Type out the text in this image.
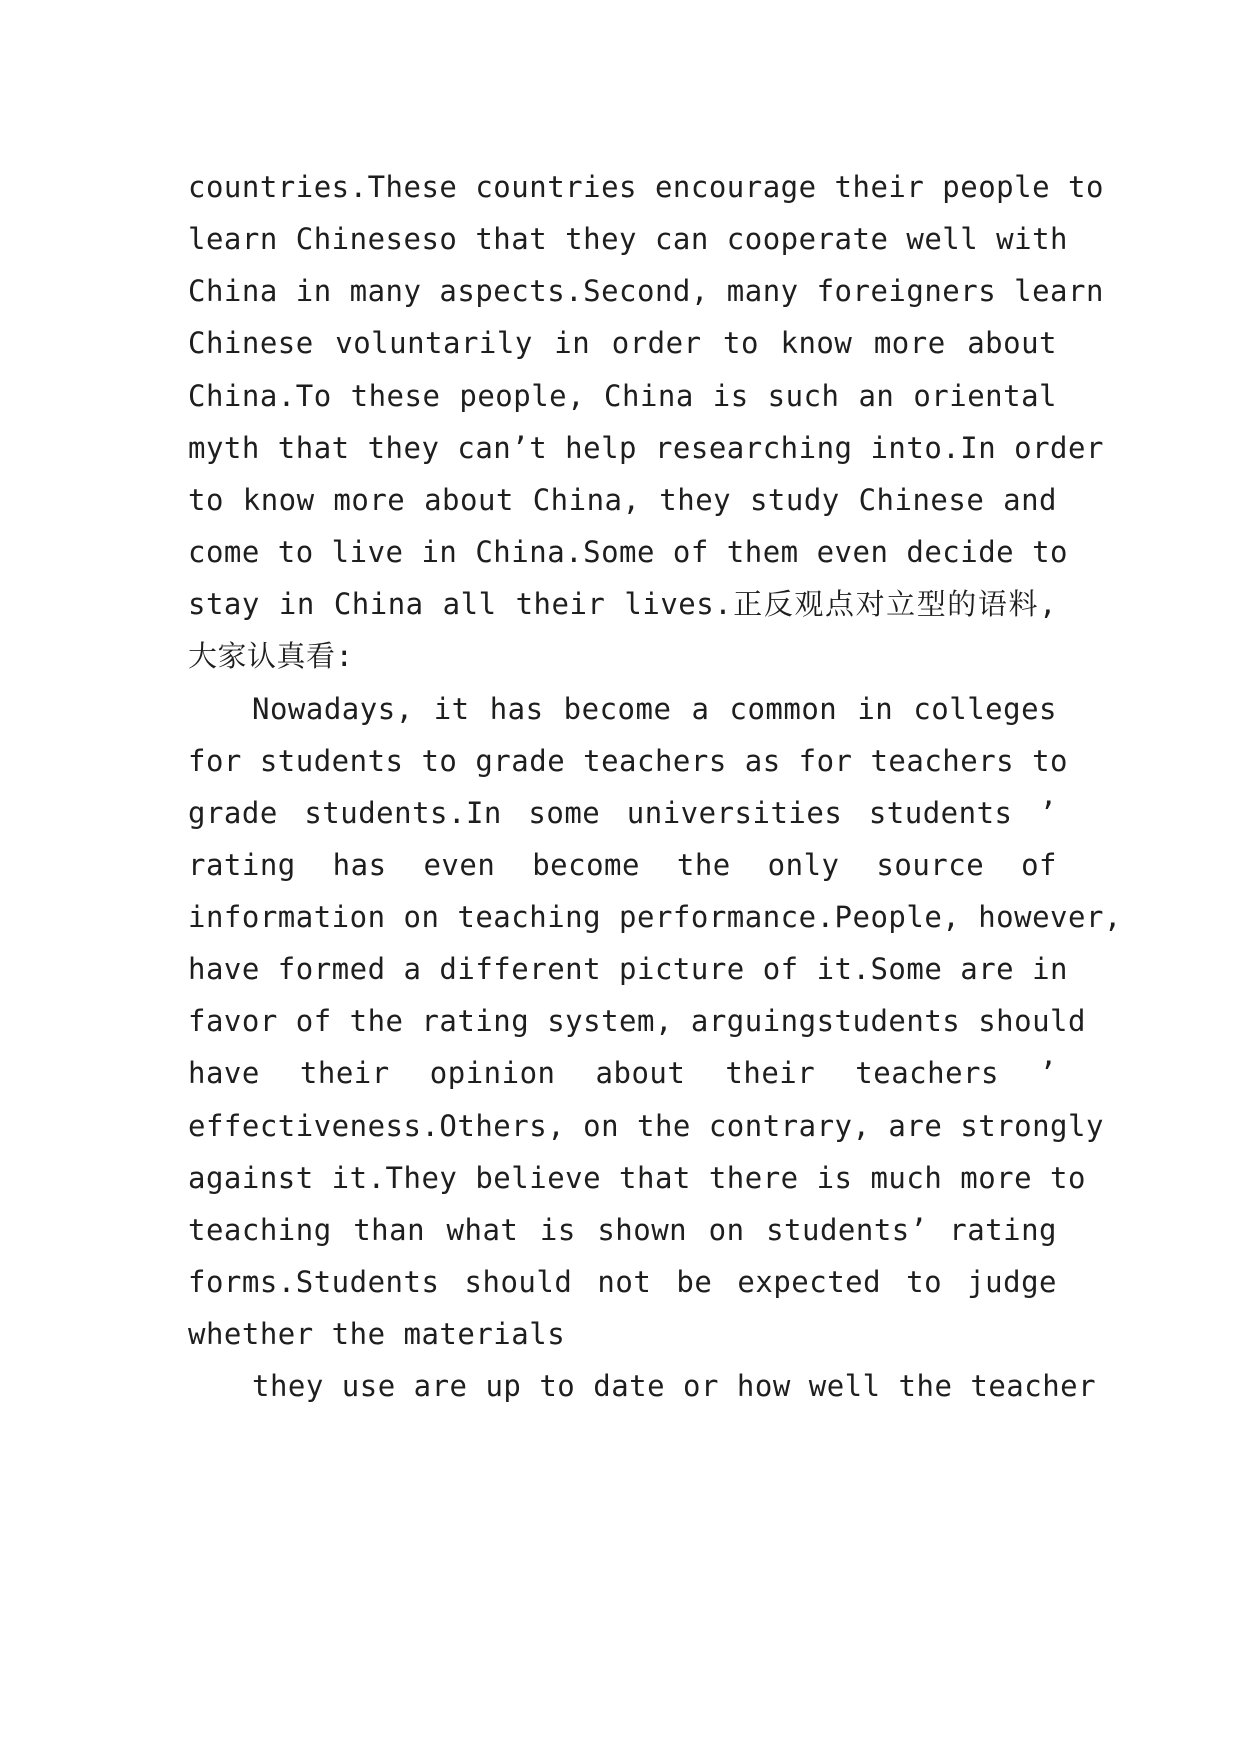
countries.These countries encourage their people to
learn Chineseso that they can cooperate well with
China in many aspects.Second, many foreigners learn
Chinese voluntarily in order to know more about
China.To these people, China is such an oriental
myth that they can’t help researching into.In order
to know more about China, they study Chinese and
come to live in China.Some of them even decide to
stay in China all their lives.正反观点对立型的语料,
大家认真看:
Nowadays, it has become a common in colleges
for students to grade teachers as for teachers to
grade students.In some universities students ’
rating has even become the only source of
information on teaching performance.People, however,
have formed a different picture of it.Some are in
favor of the rating system, arguingstudents should
have their opinion about their teachers ’
effectiveness.Others, on the contrary, are strongly
against it.They believe that there is much more to
teaching than what is shown on students’ rating
forms.Students should not be expected to judge
whether the materials
they use are up to date or how well the teacher
